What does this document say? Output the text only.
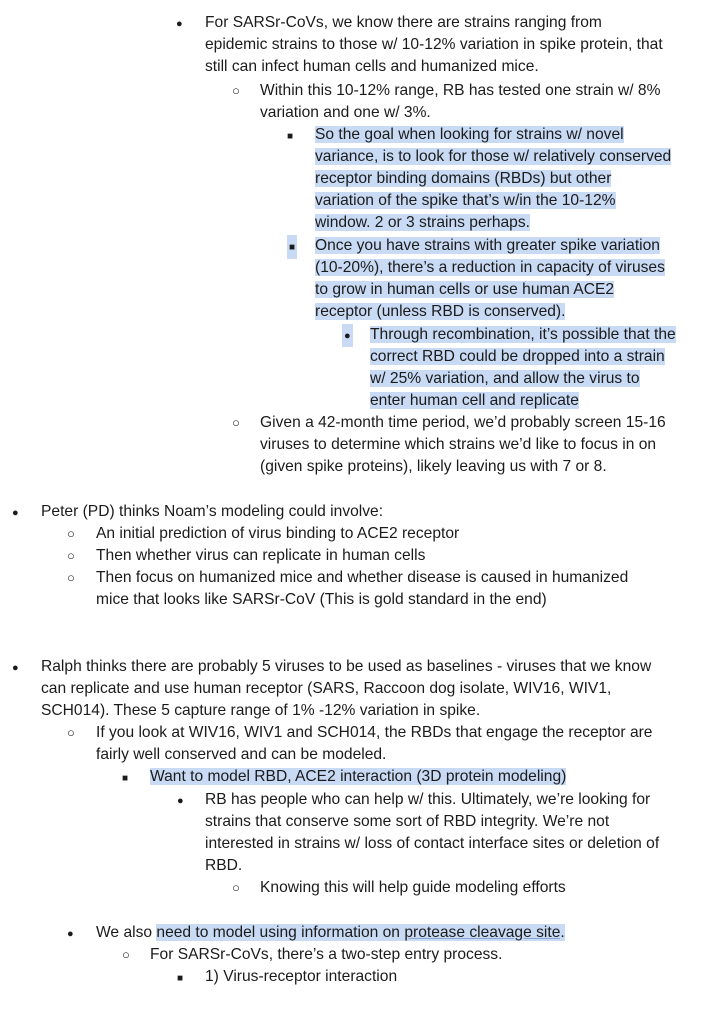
●
For SARSr-CoVs, we know there are strains ranging from
epidemic strains to those w/ 10-12% variation in spike protein, that
still can infect human cells and humanized mice.
○
Within this 10-12% range, RB has tested one strain w/ 8%
variation and one w/ 3%.
■
So the goal when looking for strains w/ novel
variance, is to look for those w/ relatively conserved
receptor binding domains (RBDs) but other
variation of the spike that’s w/in the 10-12%
window. 2 or 3 strains perhaps.
■
Once you have strains with greater spike variation
(10-20%), there’s a reduction in capacity of viruses
to grow in human cells or use human ACE2
receptor (unless RBD is conserved).
●
Through recombination, it’s possible that the
correct RBD could be dropped into a strain
w/ 25% variation, and allow the virus to
enter human cell and replicate
○
Given a 42-month time period, we’d probably screen 15-16
viruses to determine which strains we’d like to focus in on
(given spike proteins), likely leaving us with 7 or 8.
●
Peter (PD) thinks Noam’s modeling could involve:
○
An initial prediction of virus binding to ACE2 receptor
○
Then whether virus can replicate in human cells
○
Then focus on humanized mice and whether disease is caused in humanized
mice that looks like SARSr-CoV (This is gold standard in the end)
●
Ralph thinks there are probably 5 viruses to be used as baselines - viruses that we know
can replicate and use human receptor (SARS, Raccoon dog isolate, WIV16, WIV1,
SCH014). These 5 capture range of 1% -12% variation in spike.
○
If you look at WIV16, WIV1 and SCH014, the RBDs that engage the receptor are
fairly well conserved and can be modeled.
■
Want to model RBD, ACE2 interaction (3D protein modeling)
●
RB has people who can help w/ this. Ultimately, we’re looking for
strains that conserve some sort of RBD integrity. We’re not
interested in strains w/ loss of contact interface sites or deletion of
RBD.
○
Knowing this will help guide modeling efforts
●
We also need to model using information on protease cleavage site.
○
For SARSr-CoVs, there’s a two-step entry process.
■
1) Virus-receptor interaction
